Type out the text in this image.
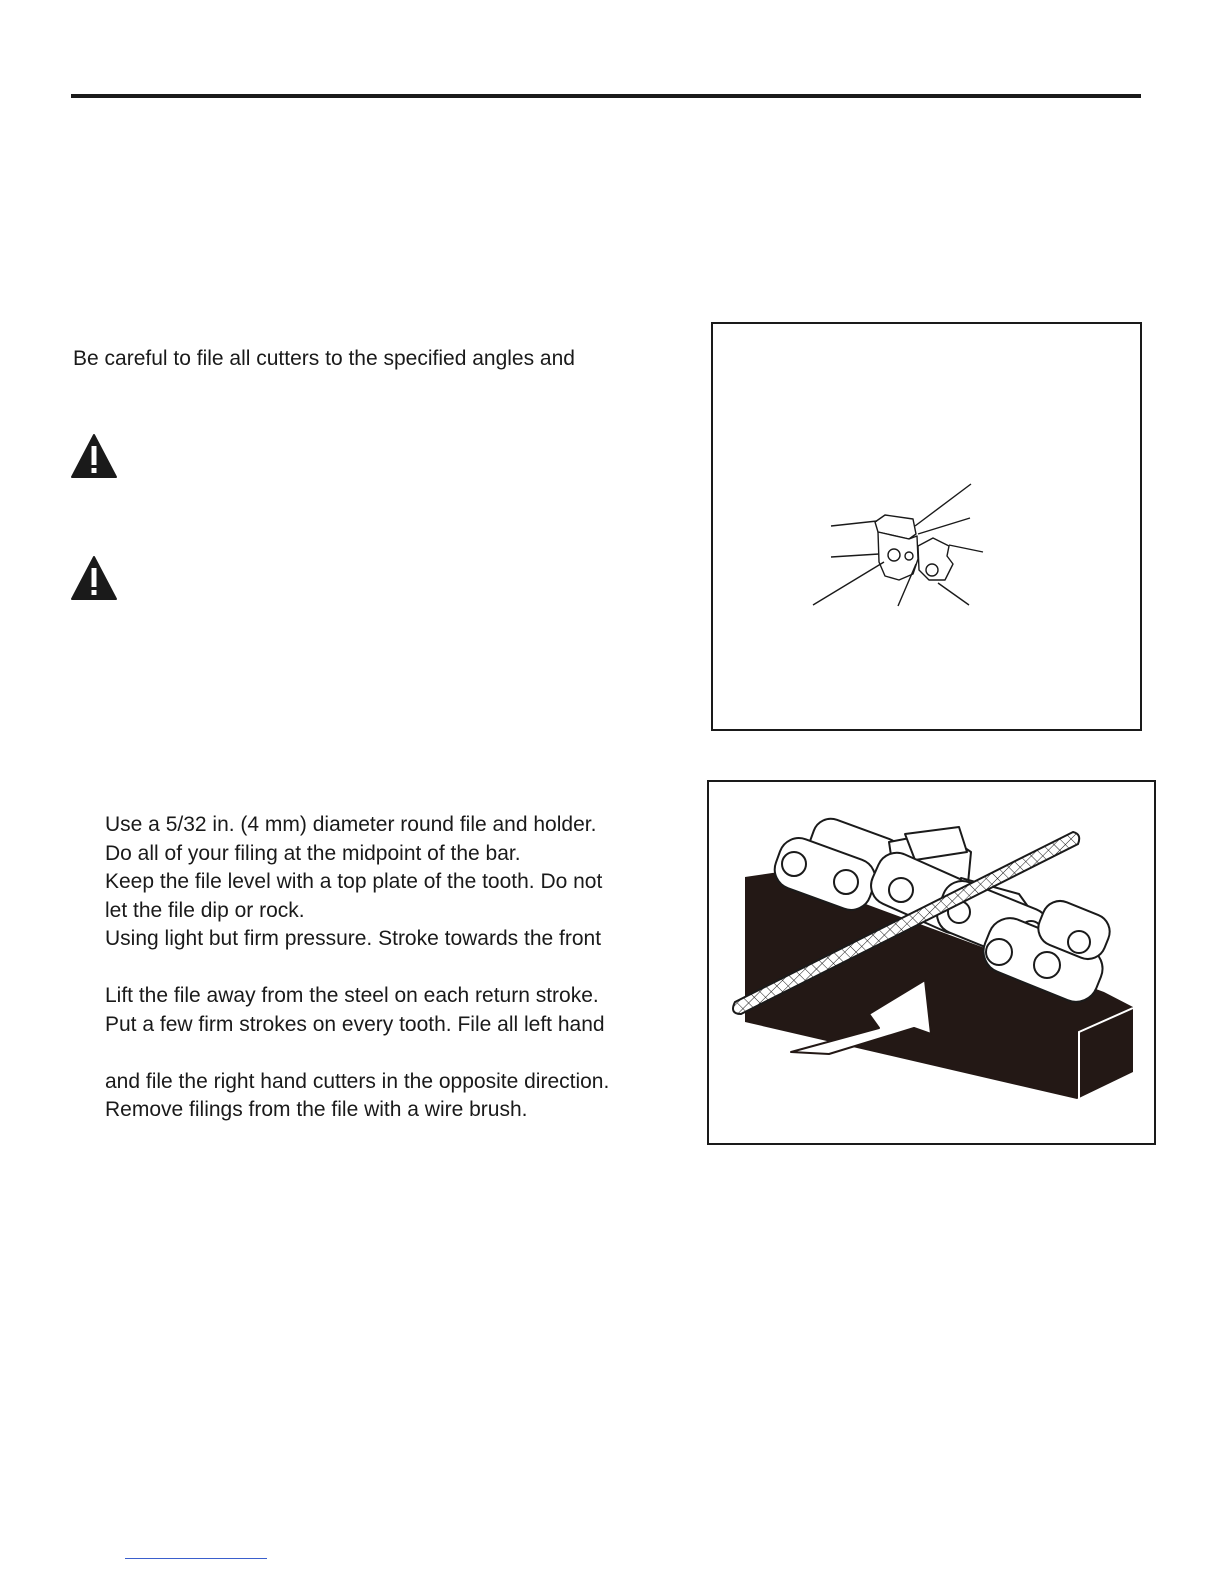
Be careful to file all cutters to the specified angles and
Use a 5/32 in. (4 mm) diameter round file and holder.
Do all of your filing at the midpoint of the bar.
Keep the file level with a top plate of the tooth. Do not
let the file dip or rock.
Using light but firm pressure. Stroke towards the front
Lift the file away from the steel on each return stroke.
Put a few firm strokes on every tooth. File all left hand
and file the right hand cutters in the opposite direction.
Remove filings from the file with a wire brush.
